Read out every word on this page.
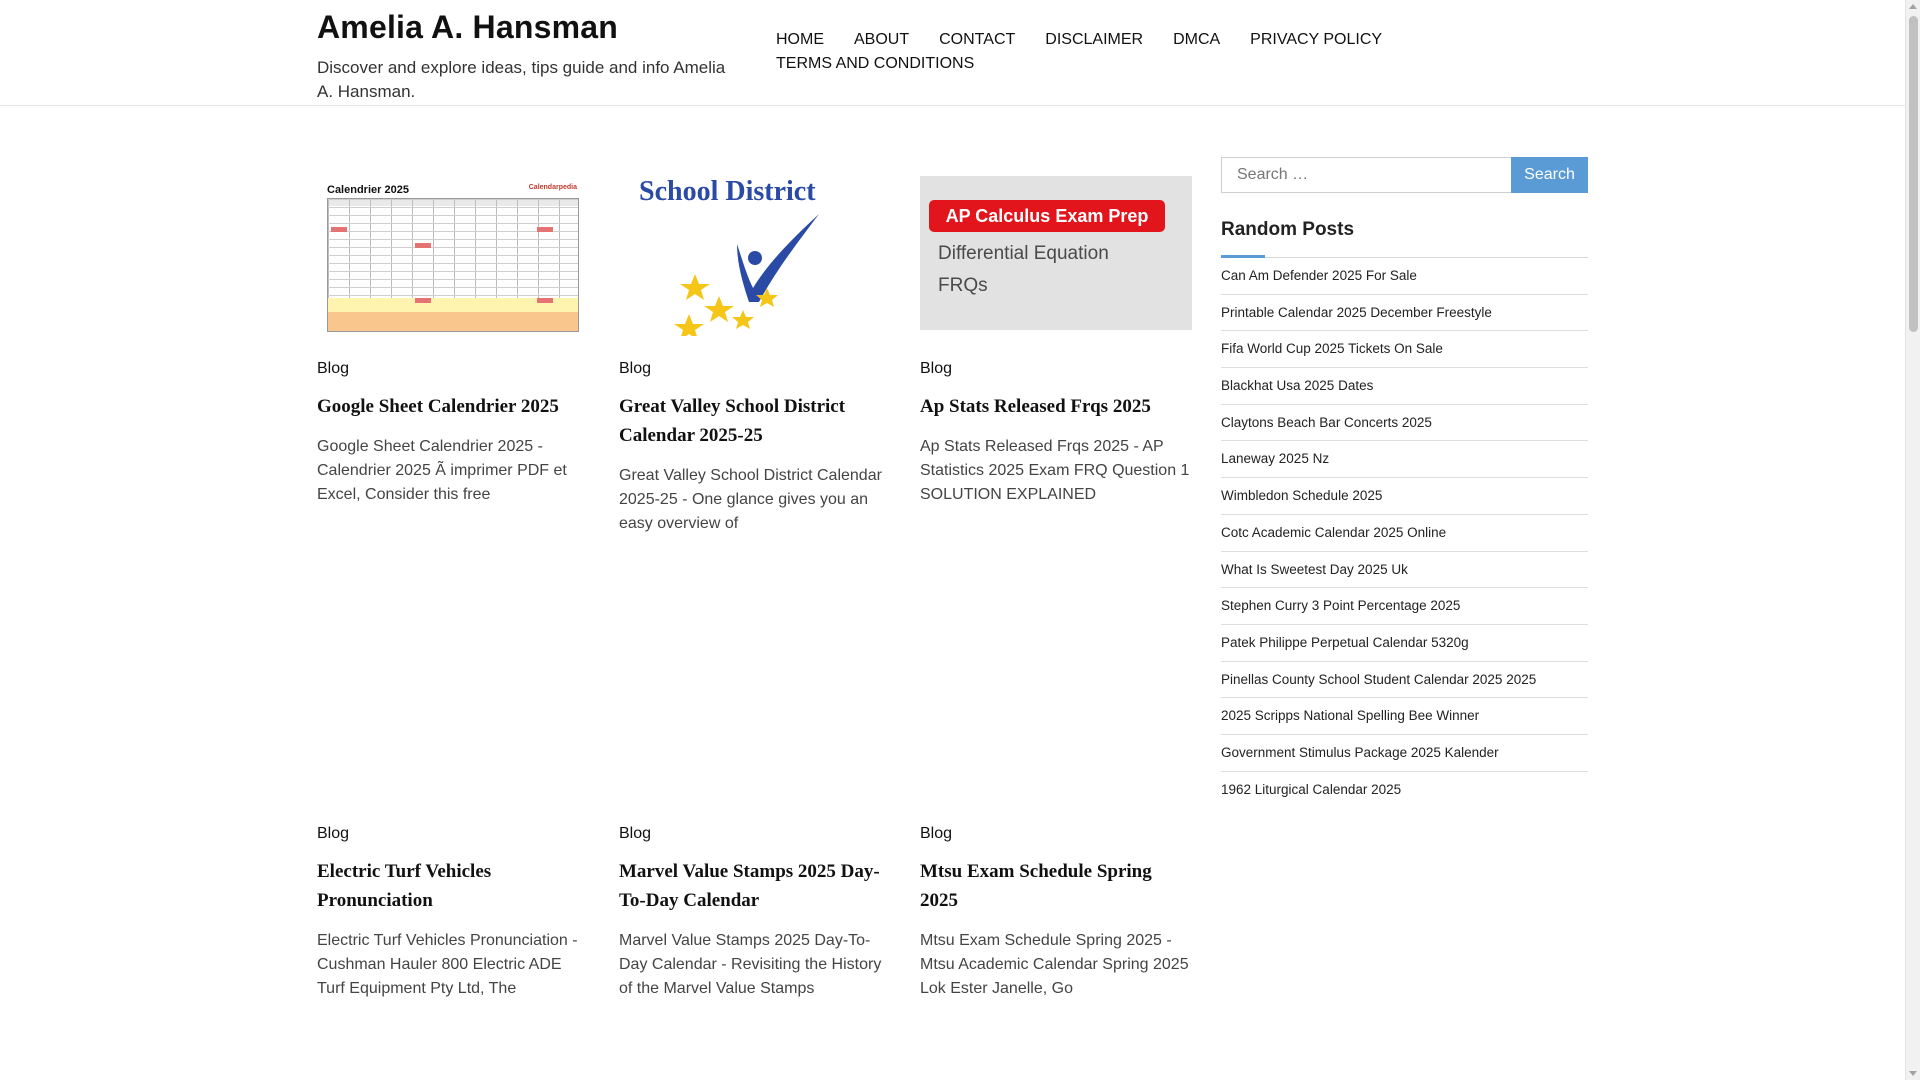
Amelia A. Hansman
Discover and explore ideas, tips guide and info Amelia A. Hansman.
HOME ABOUT CONTACT DISCLAIMER DMCA PRIVACY POLICY
TERMS AND CONDITIONS
Calendrier 2025	Calendarpedia
Blog
Google Sheet Calendrier 2025
Google Sheet Calendrier 2025 - Calendrier 2025 Ã imprimer PDF et Excel, Consider this free
School District
Blog
Great Valley School District Calendar 2025-25
Great Valley School District Calendar 2025-25 - One glance gives you an easy overview of
AP Calculus Exam Prep
Differential Equation
FRQs
Blog
Ap Stats Released Frqs 2025
Ap Stats Released Frqs 2025 - AP Statistics 2025 Exam FRQ Question 1 SOLUTION EXPLAINED
Blog
Electric Turf Vehicles Pronunciation
Electric Turf Vehicles Pronunciation - Cushman Hauler 800 Electric ADE Turf Equipment Pty Ltd, The
Blog
Marvel Value Stamps 2025 Day-To-Day Calendar
Marvel Value Stamps 2025 Day-To-Day Calendar - Revisiting the History of the Marvel Value Stamps
Blog
Mtsu Exam Schedule Spring 2025
Mtsu Exam Schedule Spring 2025 - Mtsu Academic Calendar Spring 2025 Lok Ester Janelle, Go
Search …
Search
Random Posts
Can Am Defender 2025 For Sale
Printable Calendar 2025 December Freestyle
Fifa World Cup 2025 Tickets On Sale
Blackhat Usa 2025 Dates
Claytons Beach Bar Concerts 2025
Laneway 2025 Nz
Wimbledon Schedule 2025
Cotc Academic Calendar 2025 Online
What Is Sweetest Day 2025 Uk
Stephen Curry 3 Point Percentage 2025
Patek Philippe Perpetual Calendar 5320g
Pinellas County School Student Calendar 2025 2025
2025 Scripps National Spelling Bee Winner
Government Stimulus Package 2025 Kalender
1962 Liturgical Calendar 2025
